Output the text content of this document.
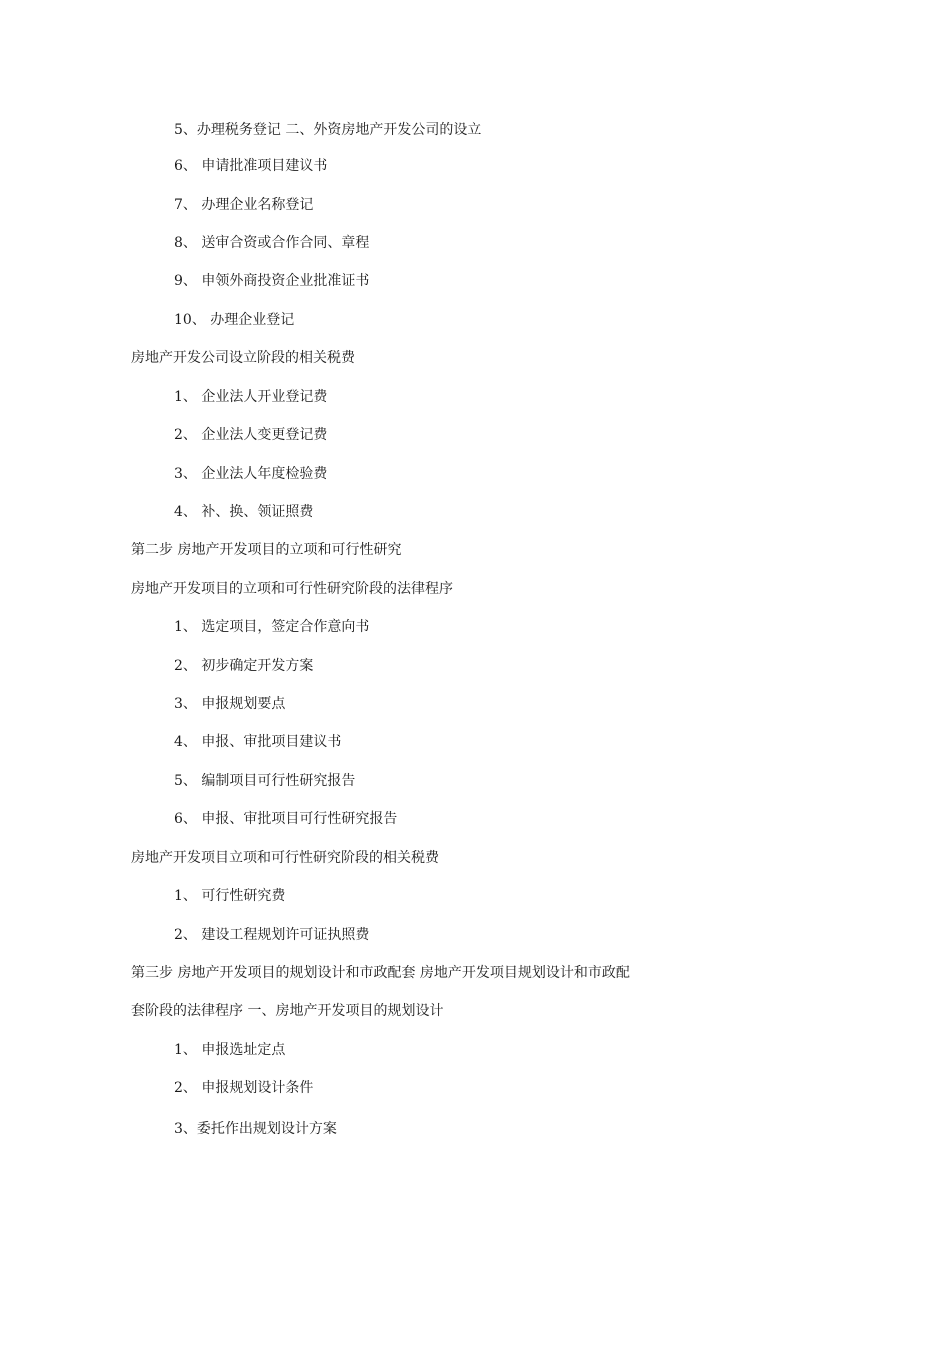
5、办理税务登记 二、外资房地产开发公司的设立
6、 申请批准项目建议书
7、 办理企业名称登记
8、 送审合资或合作合同、章程
9、 申领外商投资企业批准证书
10、 办理企业登记
房地产开发公司设立阶段的相关税费
1、 企业法人开业登记费
2、 企业法人变更登记费
3、 企业法人年度检验费
4、 补、换、领证照费
第二步 房地产开发项目的立项和可行性研究
房地产开发项目的立项和可行性研究阶段的法律程序
1、 选定项目，签定合作意向书
2、 初步确定开发方案
3、 申报规划要点
4、 申报、审批项目建议书
5、 编制项目可行性研究报告
6、 申报、审批项目可行性研究报告
房地产开发项目立项和可行性研究阶段的相关税费
1、 可行性研究费
2、 建设工程规划许可证执照费
第三步 房地产开发项目的规划设计和市政配套 房地产开发项目规划设计和市政配
套阶段的法律程序 一、房地产开发项目的规划设计
1、 申报选址定点
2、 申报规划设计条件
3、委托作出规划设计方案
